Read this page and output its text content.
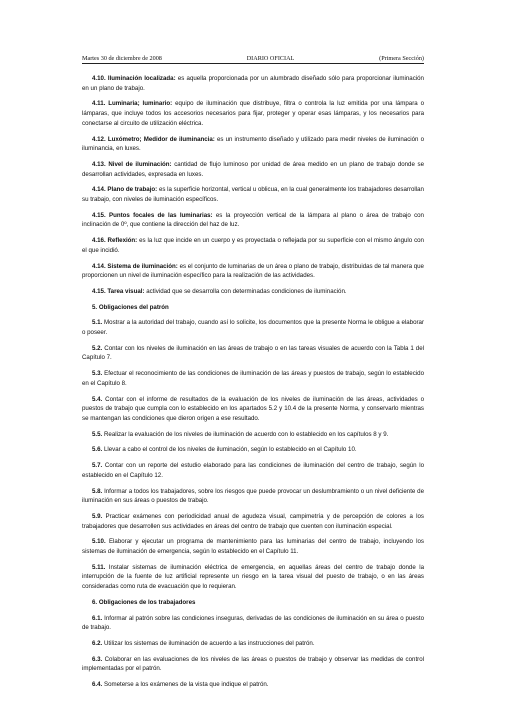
Martes 30 de diciembre de 2008	DIARIO OFICIAL	(Primera Sección)

4.10. Iluminación localizada: es aquella proporcionada por un alumbrado diseñado sólo para proporcionar iluminación en un plano de trabajo.

4.11. Luminaria; luminario: equipo de iluminación que distribuye, filtra o controla la luz emitida por una lámpara o lámparas, que incluye todos los accesorios necesarios para fijar, proteger y operar esas lámparas, y los necesarios para conectarse al circuito de utilización eléctrica.

4.12. Luxómetro; Medidor de iluminancia: es un instrumento diseñado y utilizado para medir niveles de iluminación o iluminancia, en luxes.

4.13. Nivel de iluminación: cantidad de flujo luminoso por unidad de área medido en un plano de trabajo donde se desarrollan actividades, expresada en luxes.

4.14. Plano de trabajo: es la superficie horizontal, vertical u oblicua, en la cual generalmente los trabajadores desarrollan su trabajo, con niveles de iluminación específicos.

4.15. Puntos focales de las luminarias: es la proyección vertical de la lámpara al plano o área de trabajo con inclinación de 0º, que contiene la dirección del haz de luz.

4.16. Reflexión: es la luz que incide en un cuerpo y es proyectada o reflejada por su superficie con el mismo ángulo con el que incidió.

4.14. Sistema de iluminación: es el conjunto de luminarias de un área o plano de trabajo, distribuidas de tal manera que proporcionen un nivel de iluminación específico para la realización de las actividades.

4.15. Tarea visual: actividad que se desarrolla con determinadas condiciones de iluminación.

5. Obligaciones del patrón

5.1. Mostrar a la autoridad del trabajo, cuando así lo solicite, los documentos que la presente Norma le obligue a elaborar o poseer.

5.2. Contar con los niveles de iluminación en las áreas de trabajo o en las tareas visuales de acuerdo con la Tabla 1 del Capítulo 7.

5.3. Efectuar el reconocimiento de las condiciones de iluminación de las áreas y puestos de trabajo, según lo establecido en el Capítulo 8.

5.4. Contar con el informe de resultados de la evaluación de los niveles de iluminación de las áreas, actividades o puestos de trabajo que cumpla con lo establecido en los apartados 5.2 y 10.4 de la presente Norma, y conservarlo mientras se mantengan las condiciones que dieron origen a ese resultado.

5.5. Realizar la evaluación de los niveles de iluminación de acuerdo con lo establecido en los capítulos 8 y 9.

5.6. Llevar a cabo el control de los niveles de iluminación, según lo establecido en el Capítulo 10.

5.7. Contar con un reporte del estudio elaborado para las condiciones de iluminación del centro de trabajo, según lo establecido en el Capítulo 12.

5.8. Informar a todos los trabajadores, sobre los riesgos que puede provocar un deslumbramiento o un nivel deficiente de iluminación en sus áreas o puestos de trabajo.

5.9. Practicar exámenes con periodicidad anual de agudeza visual, campimetría y de percepción de colores a los trabajadores que desarrollen sus actividades en áreas del centro de trabajo que cuenten con iluminación especial.

5.10. Elaborar y ejecutar un programa de mantenimiento para las luminarias del centro de trabajo, incluyendo los sistemas de iluminación de emergencia, según lo establecido en el Capítulo 11.

5.11. Instalar sistemas de iluminación eléctrica de emergencia, en aquellas áreas del centro de trabajo donde la interrupción de la fuente de luz artificial represente un riesgo en la tarea visual del puesto de trabajo, o en las áreas consideradas como ruta de evacuación que lo requieran.

6. Obligaciones de los trabajadores

6.1. Informar al patrón sobre las condiciones inseguras, derivadas de las condiciones de iluminación en su área o puesto de trabajo.

6.2. Utilizar los sistemas de iluminación de acuerdo a las instrucciones del patrón.

6.3. Colaborar en las evaluaciones de los niveles de las áreas o puestos de trabajo y observar las medidas de control implementadas por el patrón.

6.4. Someterse a los exámenes de la vista que indique el patrón.
